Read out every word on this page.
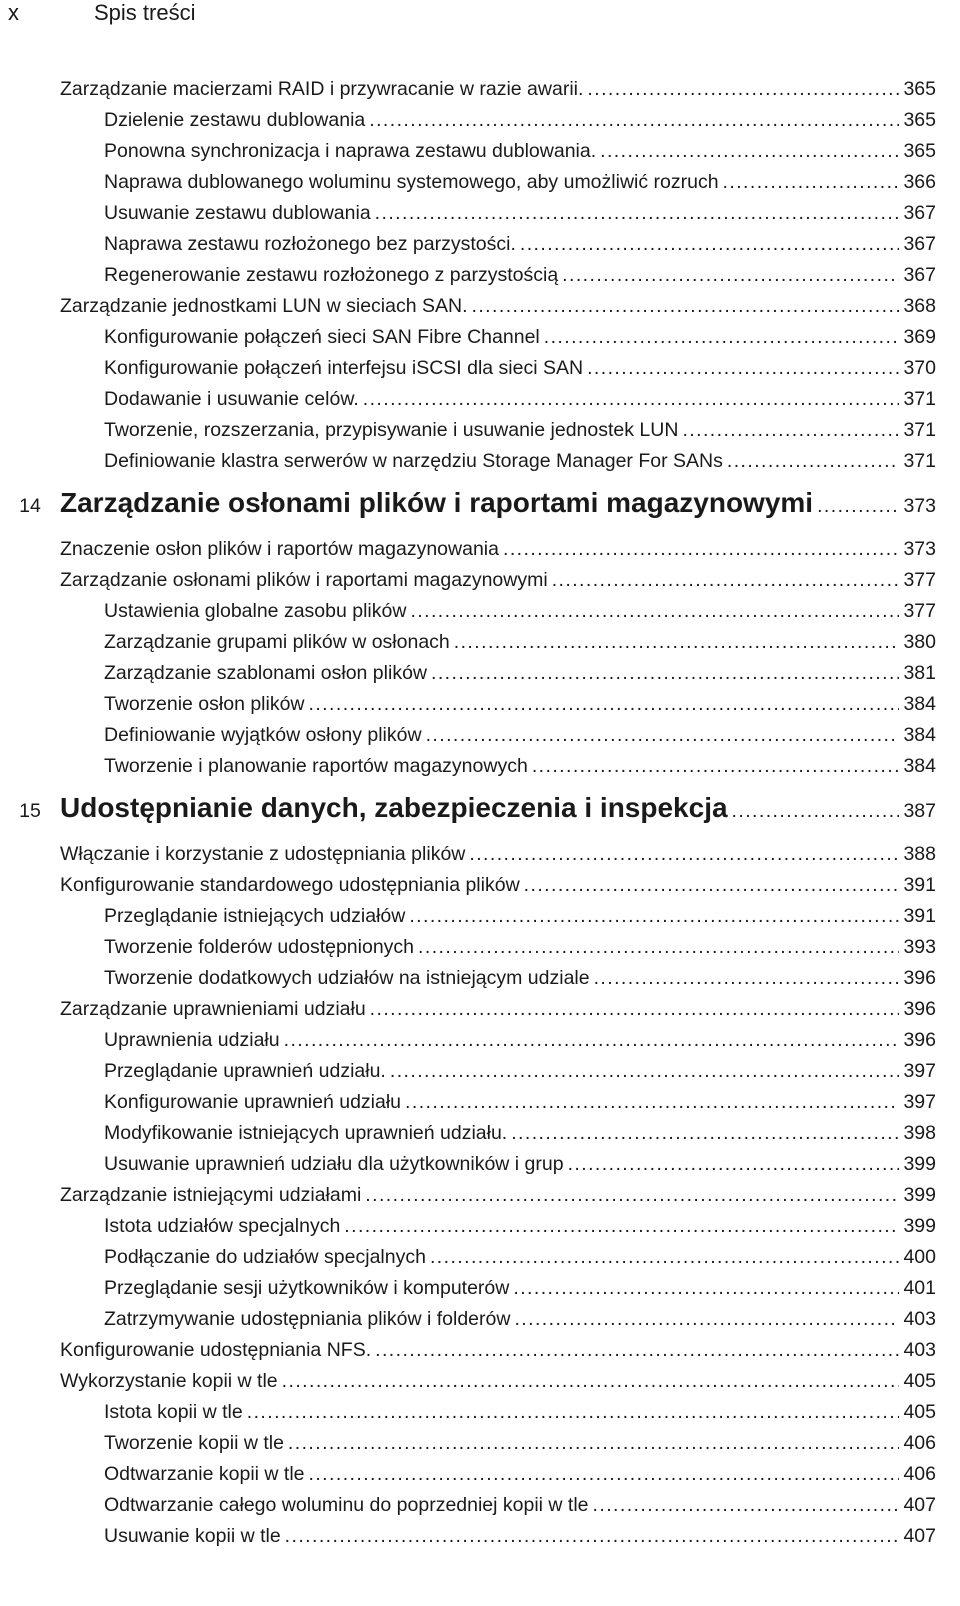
x	Spis treści
Zarządzanie macierzami RAID i przywracanie w razie awarii. . . .	365
Dzielenie zestawu dublowania . . .	365
Ponowna synchronizacja i naprawa zestawu dublowania. . . .	365
Naprawa dublowanego woluminu systemowego, aby umożliwić rozruch . . .	366
Usuwanie zestawu dublowania . . .	367
Naprawa zestawu rozłożonego bez parzystości. . . .	367
Regenerowanie zestawu rozłożonego z parzystością . . .	367
Zarządzanie jednostkami LUN w sieciach SAN. . . .	368
Konfigurowanie połączeń sieci SAN Fibre Channel . . .	369
Konfigurowanie połączeń interfejsu iSCSI dla sieci SAN . . .	370
Dodawanie i usuwanie celów. . . .	371
Tworzenie, rozszerzania, przypisywanie i usuwanie jednostek LUN . . .	371
Definiowanie klastra serwerów w narzędziu Storage Manager For SANs . . .	371
14 Zarządzanie osłonami plików i raportami magazynowymi . . .	373
Znaczenie osłon plików i raportów magazynowania . . .	373
Zarządzanie osłonami plików i raportami magazynowymi . . .	377
Ustawienia globalne zasobu plików . . .	377
Zarządzanie grupami plików w osłonach . . .	380
Zarządzanie szablonami osłon plików . . .	381
Tworzenie osłon plików . . .	384
Definiowanie wyjątków osłony plików . . .	384
Tworzenie i planowanie raportów magazynowych . . .	384
15 Udostępnianie danych, zabezpieczenia i inspekcja . . .	387
Włączanie i korzystanie z udostępniania plików . . .	388
Konfigurowanie standardowego udostępniania plików . . .	391
Przeglądanie istniejących udziałów . . .	391
Tworzenie folderów udostępnionych . . .	393
Tworzenie dodatkowych udziałów na istniejącym udziale . . .	396
Zarządzanie uprawnieniami udziału . . .	396
Uprawnienia udziału . . .	396
Przeglądanie uprawnień udziału. . . .	397
Konfigurowanie uprawnień udziału . . .	397
Modyfikowanie istniejących uprawnień udziału. . . .	398
Usuwanie uprawnień udziału dla użytkowników i grup . . .	399
Zarządzanie istniejącymi udziałami . . .	399
Istota udziałów specjalnych . . .	399
Podłączanie do udziałów specjalnych . . .	400
Przeglądanie sesji użytkowników i komputerów . . .	401
Zatrzymywanie udostępniania plików i folderów . . .	403
Konfigurowanie udostępniania NFS. . . .	403
Wykorzystanie kopii w tle . . .	405
Istota kopii w tle . . .	405
Tworzenie kopii w tle . . .	406
Odtwarzanie kopii w tle . . .	406
Odtwarzanie całego woluminu do poprzedniej kopii w tle . . .	407
Usuwanie kopii w tle . . .	407
